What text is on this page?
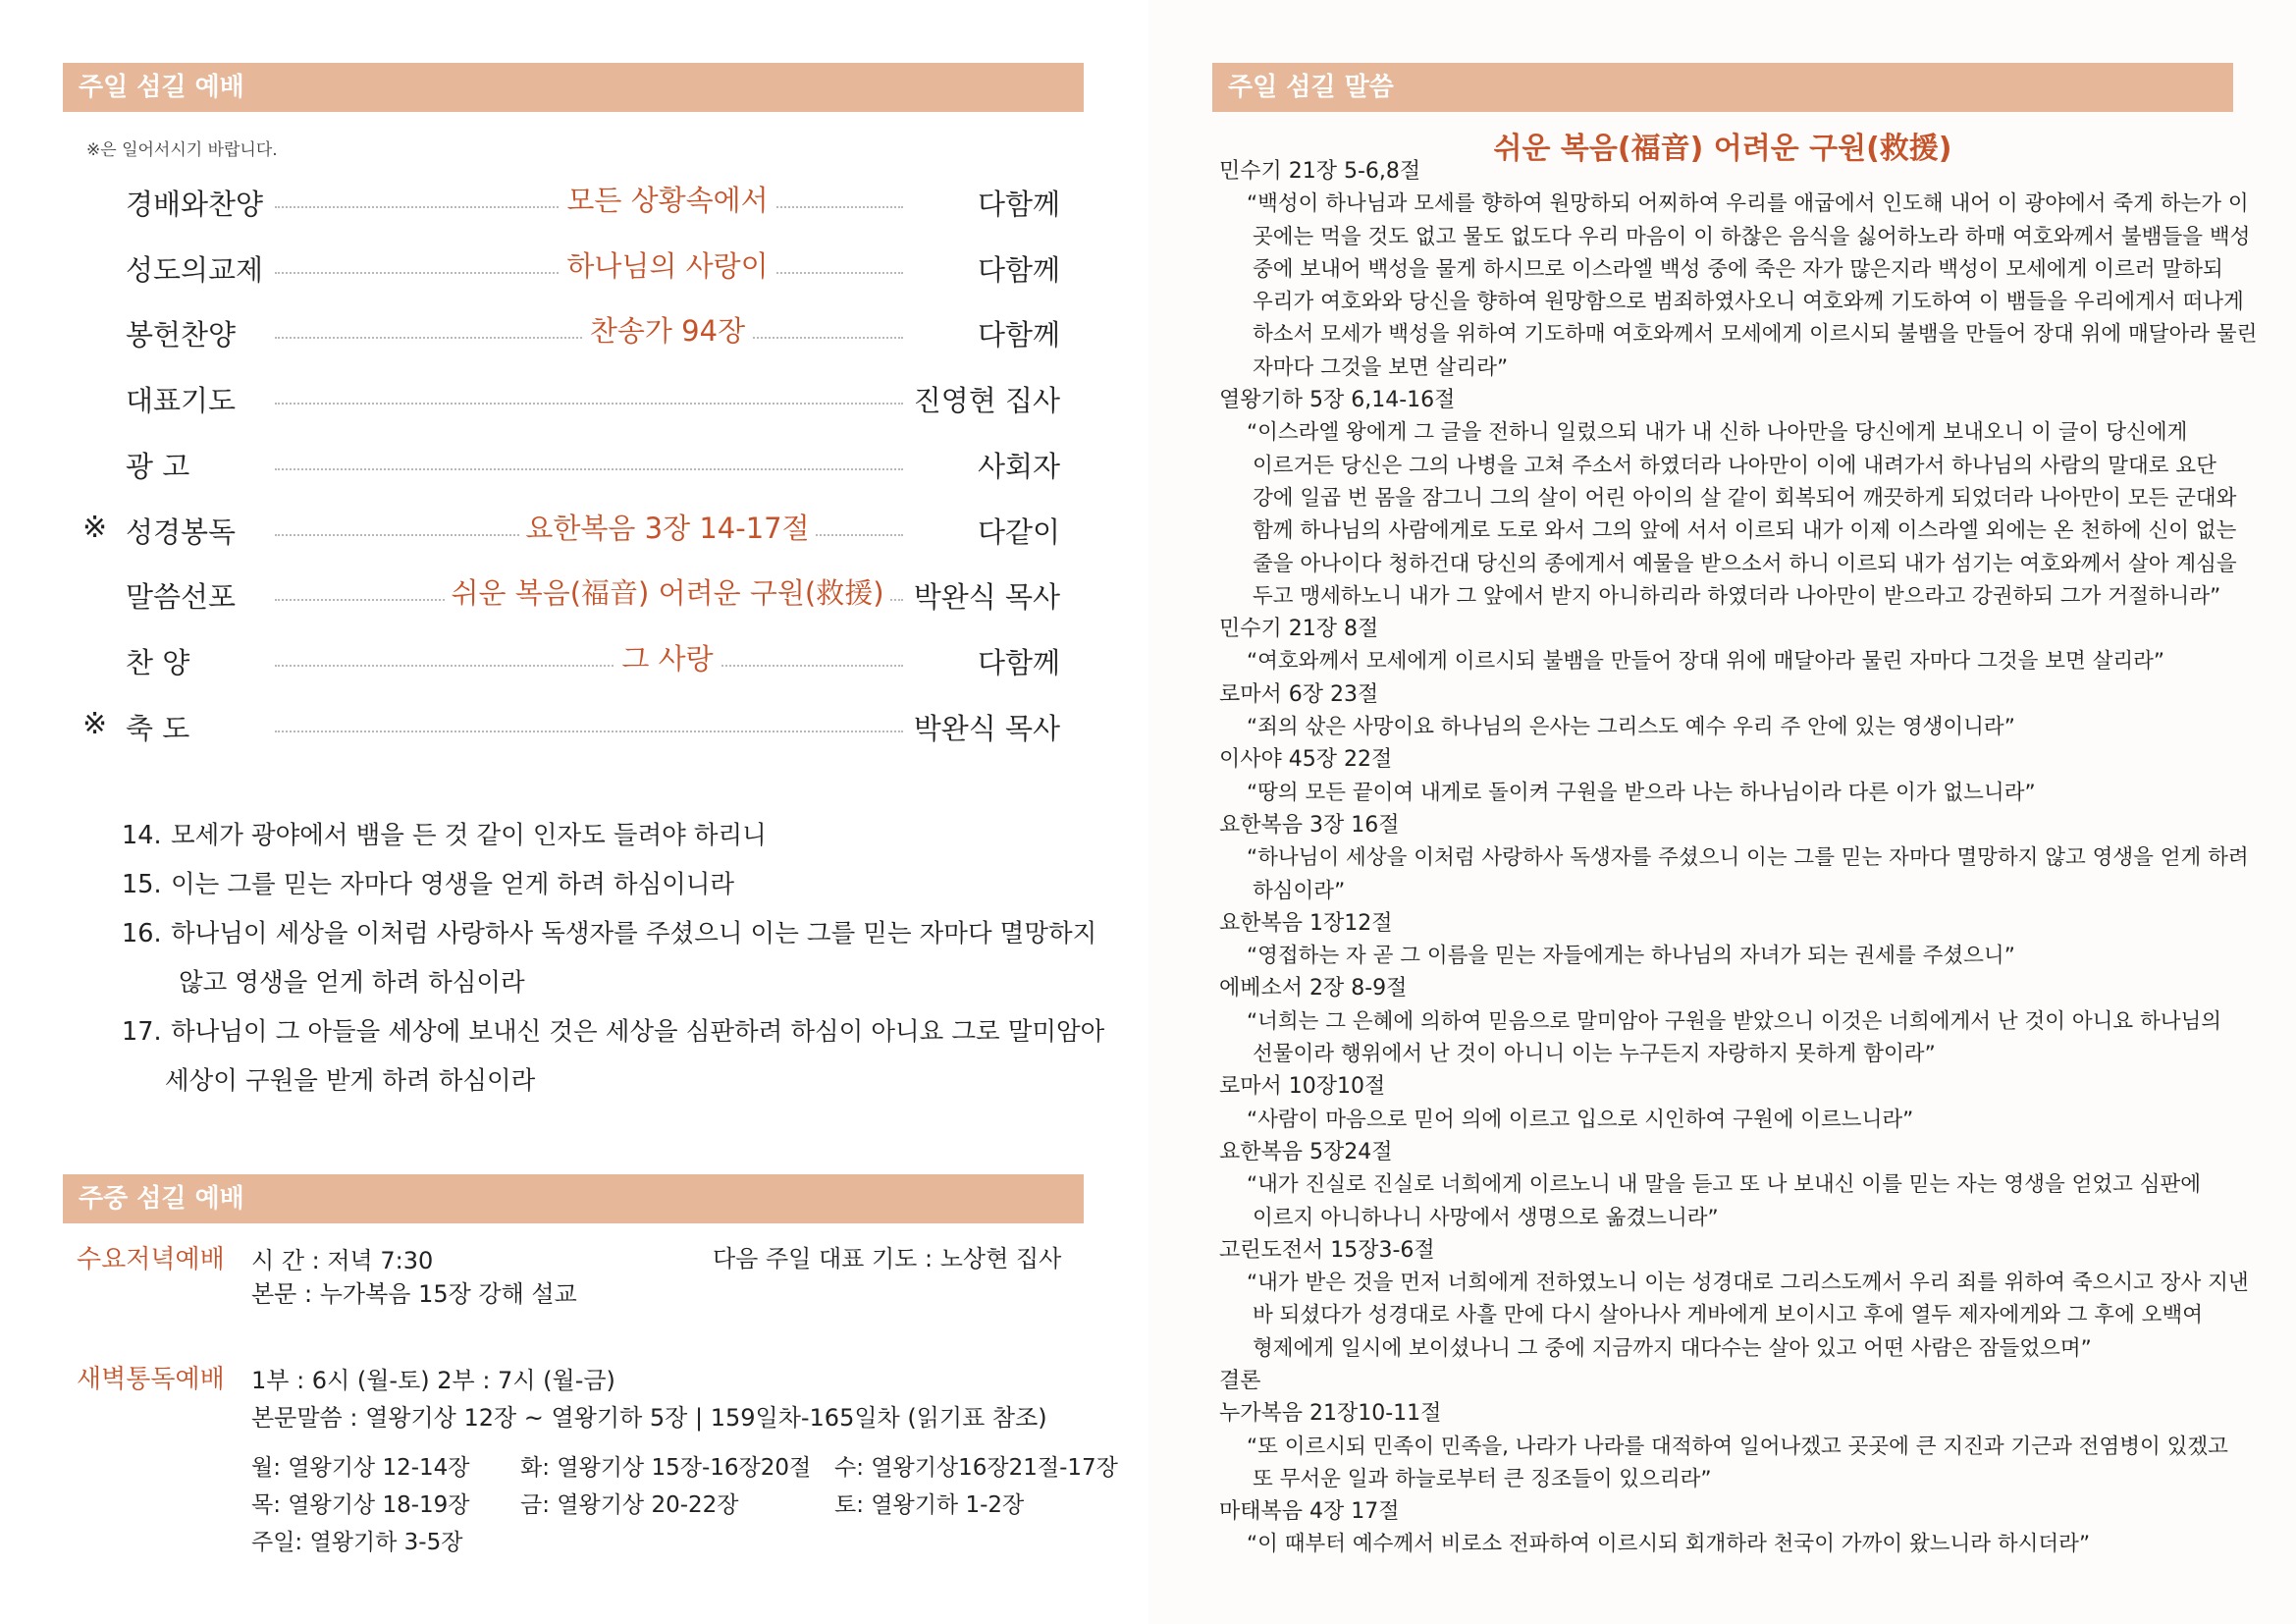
주일 섬길 예배
※은 일어서시기 바랍니다.
경배와찬양	모든 상황속에서	다함께
성도의교제	하나님의 사랑이	다함께
봉헌찬양	찬송가 94장	다함께
대표기도	진영현 집사
광 고	사회자
※ 성경봉독	요한복음 3장 14-17절	다같이
말씀선포	쉬운 복음(福音) 어려운 구원(救援)	박완식 목사
찬 양	그 사랑	다함께
※ 축 도	박완식 목사
14. 모세가 광야에서 뱀을 든 것 같이 인자도 들려야 하리니
15. 이는 그를 믿는 자마다 영생을 얻게 하려 하심이니라
16. 하나님이 세상을 이처럼 사랑하사 독생자를 주셨으니 이는 그를 믿는 자마다 멸망하지
않고 영생을 얻게 하려 하심이라
17. 하나님이 그 아들을 세상에 보내신 것은 세상을 심판하려 하심이 아니요 그로 말미암아
세상이 구원을 받게 하려 하심이라
주중 섬길 예배
수요저녁예배 시 간 : 저녁 7:30	다음 주일 대표 기도 : 노상현 집사
본문 : 누가복음 15장 강해 설교
새벽통독예배 1부 : 6시 (월-토) 2부 : 7시 (월-금)
본문말씀 : 열왕기상 12장 ~ 열왕기하 5장 | 159일차-165일차 (읽기표 참조)
월: 열왕기상 12-14장 화: 열왕기상 15장-16장20절 수: 열왕기상16장21절-17장
목: 열왕기상 18-19장 금: 열왕기상 20-22장	토: 열왕기하 1-2장
주일: 열왕기하 3-5장
주일 섬길 말씀
쉬운 복음(福音) 어려운 구원(救援)
민수기 21장 5-6,8절
“백성이 하나님과 모세를 향하여 원망하되 어찌하여 우리를 애굽에서 인도해 내어 이 광야에서 죽게 하는가 이
곳에는 먹을 것도 없고 물도 없도다 우리 마음이 이 하찮은 음식을 싫어하노라 하매 여호와께서 불뱀들을 백성
중에 보내어 백성을 물게 하시므로 이스라엘 백성 중에 죽은 자가 많은지라 백성이 모세에게 이르러 말하되
우리가 여호와와 당신을 향하여 원망함으로 범죄하였사오니 여호와께 기도하여 이 뱀들을 우리에게서 떠나게
하소서 모세가 백성을 위하여 기도하매 여호와께서 모세에게 이르시되 불뱀을 만들어 장대 위에 매달아라 물린
자마다 그것을 보면 살리라”
열왕기하 5장 6,14-16절
“이스라엘 왕에게 그 글을 전하니 일렀으되 내가 내 신하 나아만을 당신에게 보내오니 이 글이 당신에게
이르거든 당신은 그의 나병을 고쳐 주소서 하였더라 나아만이 이에 내려가서 하나님의 사람의 말대로 요단
강에 일곱 번 몸을 잠그니 그의 살이 어린 아이의 살 같이 회복되어 깨끗하게 되었더라 나아만이 모든 군대와
함께 하나님의 사람에게로 도로 와서 그의 앞에 서서 이르되 내가 이제 이스라엘 외에는 온 천하에 신이 없는
줄을 아나이다 청하건대 당신의 종에게서 예물을 받으소서 하니 이르되 내가 섬기는 여호와께서 살아 계심을
두고 맹세하노니 내가 그 앞에서 받지 아니하리라 하였더라 나아만이 받으라고 강권하되 그가 거절하니라”
민수기 21장 8절
“여호와께서 모세에게 이르시되 불뱀을 만들어 장대 위에 매달아라 물린 자마다 그것을 보면 살리라”
로마서 6장 23절
“죄의 삯은 사망이요 하나님의 은사는 그리스도 예수 우리 주 안에 있는 영생이니라”
이사야 45장 22절
“땅의 모든 끝이여 내게로 돌이켜 구원을 받으라 나는 하나님이라 다른 이가 없느니라”
요한복음 3장 16절
“하나님이 세상을 이처럼 사랑하사 독생자를 주셨으니 이는 그를 믿는 자마다 멸망하지 않고 영생을 얻게 하려
하심이라”
요한복음 1장12절
“영접하는 자 곧 그 이름을 믿는 자들에게는 하나님의 자녀가 되는 권세를 주셨으니”
에베소서 2장 8-9절
“너희는 그 은혜에 의하여 믿음으로 말미암아 구원을 받았으니 이것은 너희에게서 난 것이 아니요 하나님의
선물이라 행위에서 난 것이 아니니 이는 누구든지 자랑하지 못하게 함이라”
로마서 10장10절
“사람이 마음으로 믿어 의에 이르고 입으로 시인하여 구원에 이르느니라”
요한복음 5장24절
“내가 진실로 진실로 너희에게 이르노니 내 말을 듣고 또 나 보내신 이를 믿는 자는 영생을 얻었고 심판에
이르지 아니하나니 사망에서 생명으로 옮겼느니라”
고린도전서 15장3-6절
“내가 받은 것을 먼저 너희에게 전하였노니 이는 성경대로 그리스도께서 우리 죄를 위하여 죽으시고 장사 지낸
바 되셨다가 성경대로 사흘 만에 다시 살아나사 게바에게 보이시고 후에 열두 제자에게와 그 후에 오백여
형제에게 일시에 보이셨나니 그 중에 지금까지 대다수는 살아 있고 어떤 사람은 잠들었으며”
결론
누가복음 21장10-11절
“또 이르시되 민족이 민족을, 나라가 나라를 대적하여 일어나겠고 곳곳에 큰 지진과 기근과 전염병이 있겠고
또 무서운 일과 하늘로부터 큰 징조들이 있으리라”
마태복음 4장 17절
“이 때부터 예수께서 비로소 전파하여 이르시되 회개하라 천국이 가까이 왔느니라 하시더라”
